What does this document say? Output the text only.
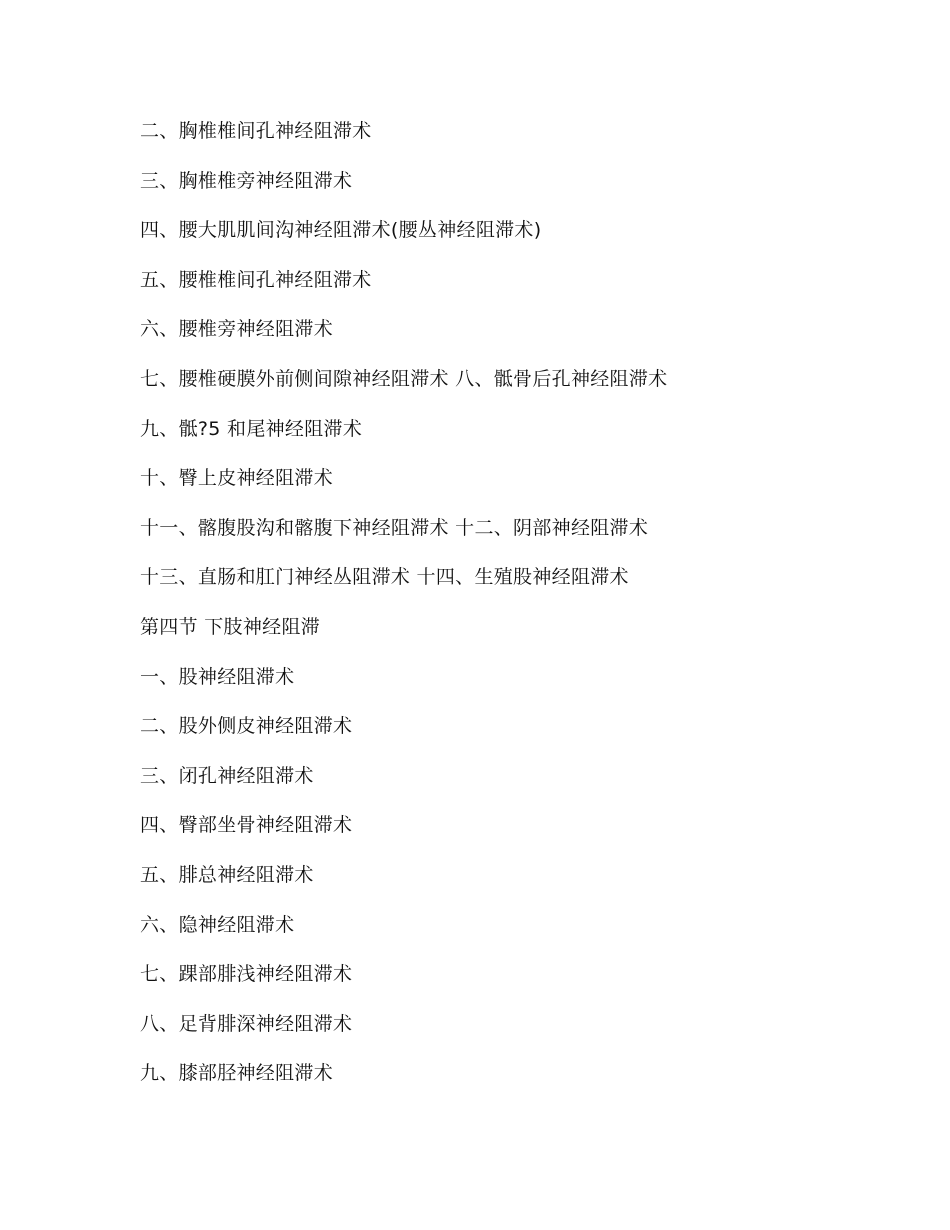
二、胸椎椎间孔神经阻滞术
三、胸椎椎旁神经阻滞术
四、腰大肌肌间沟神经阻滞术(腰丛神经阻滞术)
五、腰椎椎间孔神经阻滞术
六、腰椎旁神经阻滞术
七、腰椎硬膜外前侧间隙神经阻滞术 八、骶骨后孔神经阻滞术
九、骶?5 和尾神经阻滞术
十、臀上皮神经阻滞术
十一、髂腹股沟和髂腹下神经阻滞术 十二、阴部神经阻滞术
十三、直肠和肛门神经丛阻滞术 十四、生殖股神经阻滞术
第四节 下肢神经阻滞
一、股神经阻滞术
二、股外侧皮神经阻滞术
三、闭孔神经阻滞术
四、臀部坐骨神经阻滞术
五、腓总神经阻滞术
六、隐神经阻滞术
七、踝部腓浅神经阻滞术
八、足背腓深神经阻滞术
九、膝部胫神经阻滞术
